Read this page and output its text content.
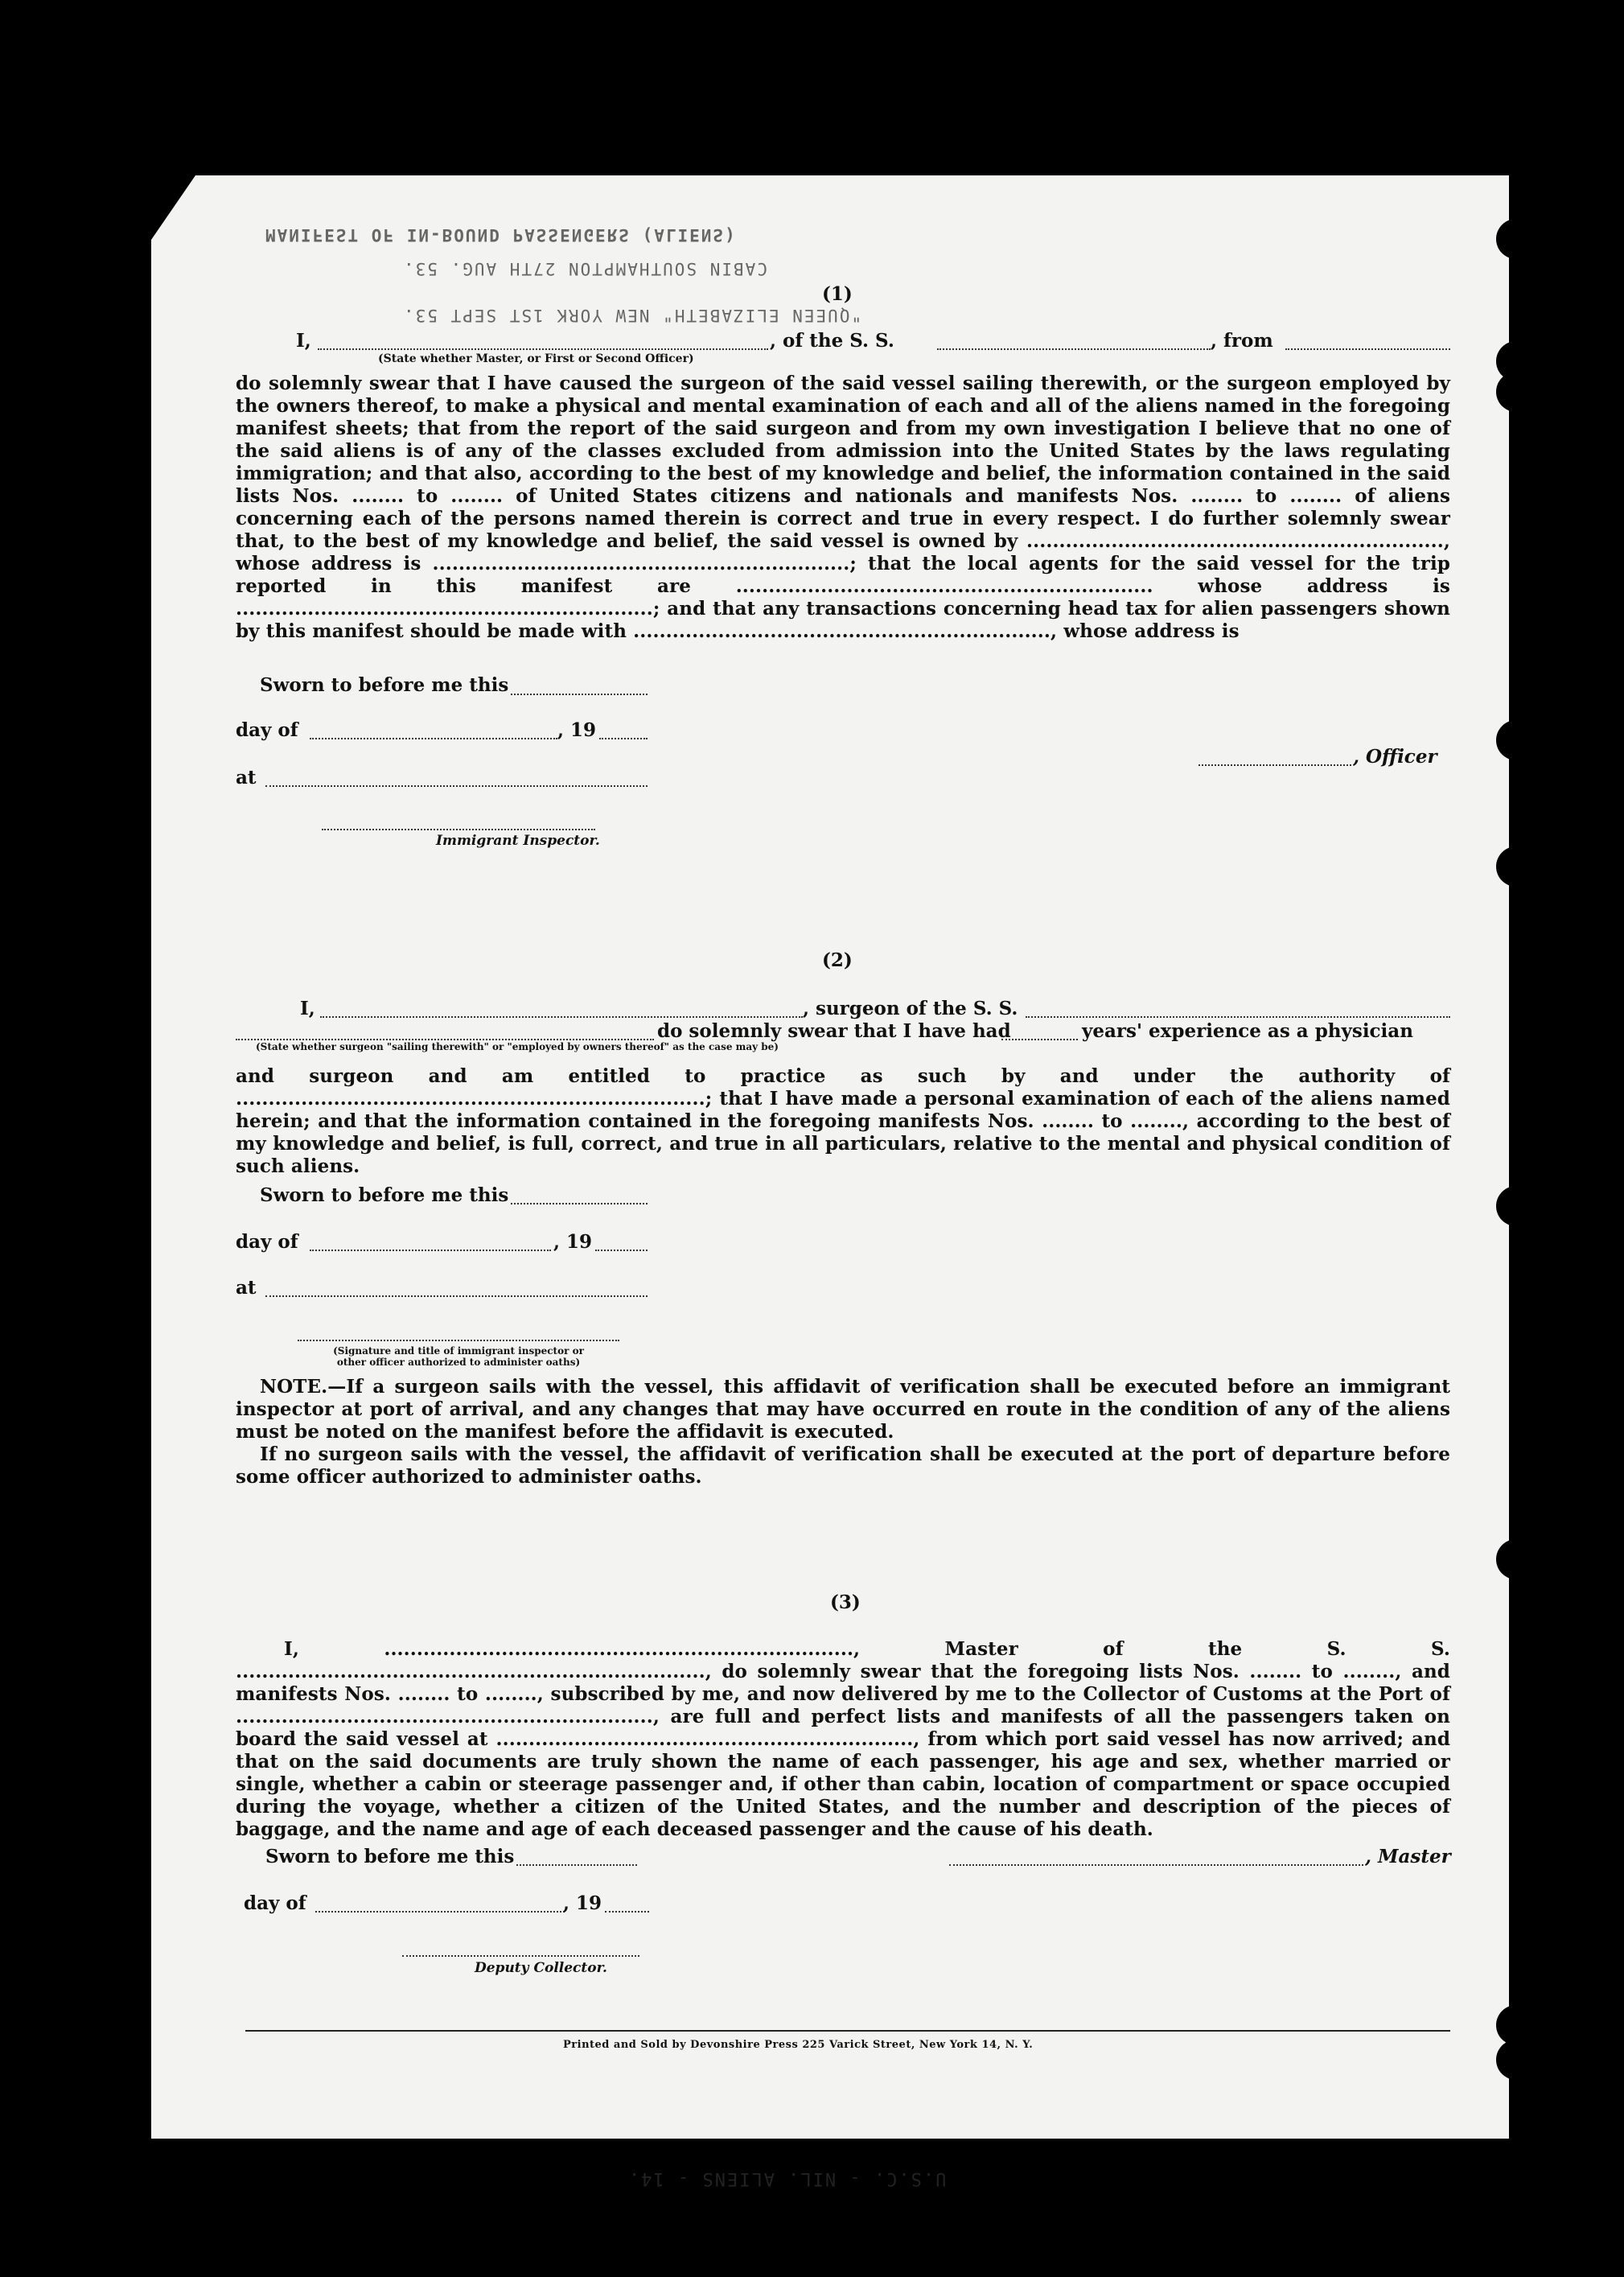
MANIFEST OF IN-BOUND PASSENGERS (ALIENS)
CABIN SOUTHAMPTON 27TH AUG. 53.
"QUEEN ELIZABETH" NEW YORK 1ST SEPT 53.
U.S.C. - NIL. ALIENS - 14.
(1)
I,	, of the S. S.	, from
(State whether Master, or First or Second Officer)
do solemnly swear that I have caused the surgeon of the said vessel sailing therewith, or the surgeon employed by the owners thereof, to make a physical and mental examination of each and all of the aliens named in the foregoing manifest sheets; that from the report of the said surgeon and from my own investigation I believe that no one of the said aliens is of any of the classes excluded from admission into the United States by the laws regulating immigration; and that also, according to the best of my knowledge and belief, the information contained in the said lists Nos. ........ to ........ of United States citizens and nationals and manifests Nos. ........ to ........ of aliens concerning each of the persons named therein is correct and true in every respect. I do further solemnly swear that, to the best of my knowledge and belief, the said vessel is owned by ................................................................, whose address is ................................................................; that the local agents for the said vessel for the trip reported in this manifest are ................................................................ whose address is ................................................................; and that any transactions concerning head tax for alien passengers shown by this manifest should be made with ................................................................, whose address is
Sworn to before me this
day of	, 19
at
, Officer
Immigrant Inspector.
(2)
I,	, surgeon of the S. S.
do solemnly swear that I have had	years' experience as a physician
(State whether surgeon "sailing therewith" or "employed by owners thereof" as the case may be)
and surgeon and am entitled to practice as such by and under the authority of ........................................................................; that I have made a personal examination of each of the aliens named herein; and that the information contained in the foregoing manifests Nos. ........ to ........, according to the best of my knowledge and belief, is full, correct, and true in all particulars, relative to the mental and physical condition of such aliens.
Sworn to before me this
day of	, 19
at
(Signature and title of immigrant inspector or other officer authorized to administer oaths)
NOTE.—If a surgeon sails with the vessel, this affidavit of verification shall be executed before an immigrant inspector at port of arrival, and any changes that may have occurred en route in the condition of any of the aliens must be noted on the manifest before the affidavit is executed.
If no surgeon sails with the vessel, the affidavit of verification shall be executed at the port of departure before some officer authorized to administer oaths.
(3)
I, ........................................................................, Master of the S. S. ........................................................................, do solemnly swear that the foregoing lists Nos. ........ to ........, and manifests Nos. ........ to ........, subscribed by me, and now delivered by me to the Collector of Customs at the Port of ................................................................, are full and perfect lists and manifests of all the passengers taken on board the said vessel at ................................................................, from which port said vessel has now arrived; and that on the said documents are truly shown the name of each passenger, his age and sex, whether married or single, whether a cabin or steerage passenger and, if other than cabin, location of compartment or space occupied during the voyage, whether a citizen of the United States, and the number and description of the pieces of baggage, and the name and age of each deceased passenger and the cause of his death.
Sworn to before me this	, Master
day of	, 19
Deputy Collector.
Printed and Sold by Devonshire Press 225 Varick Street, New York 14, N. Y.
